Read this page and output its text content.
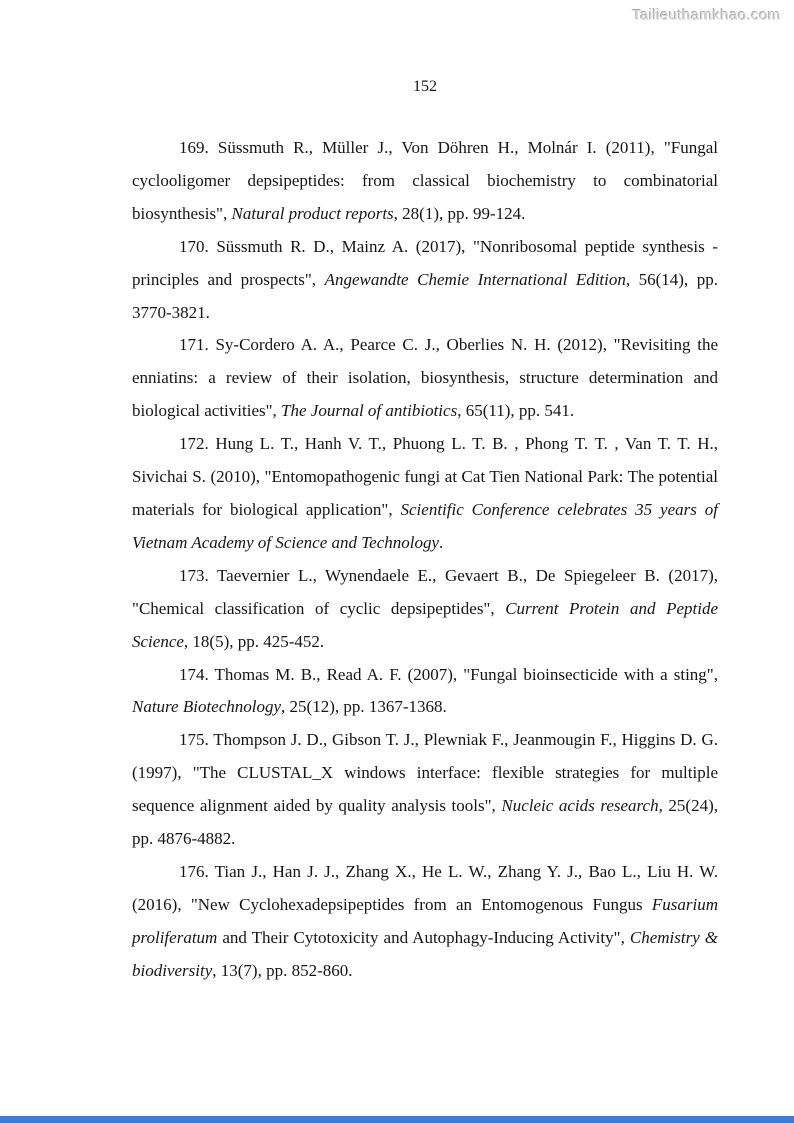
Tailieuthamkhao.com
152

169. Süssmuth R., Müller J., Von Döhren H., Molnár I. (2011), "Fungal cyclooligomer depsipeptides: from classical biochemistry to combinatorial biosynthesis", Natural product reports, 28(1), pp. 99-124.

170. Süssmuth R. D., Mainz A. (2017), "Nonribosomal peptide synthesis - principles and prospects", Angewandte Chemie International Edition, 56(14), pp. 3770-3821.

171. Sy-Cordero A. A., Pearce C. J., Oberlies N. H. (2012), "Revisiting the enniatins: a review of their isolation, biosynthesis, structure determination and biological activities", The Journal of antibiotics, 65(11), pp. 541.

172. Hung L. T., Hanh V. T., Phuong L. T. B. , Phong T. T. , Van T. T. H., Sivichai S. (2010), "Entomopathogenic fungi at Cat Tien National Park: The potential materials for biological application", Scientific Conference celebrates 35 years of Vietnam Academy of Science and Technology.

173. Taevernier L., Wynendaele E., Gevaert B., De Spiegeleer B. (2017), "Chemical classification of cyclic depsipeptides", Current Protein and Peptide Science, 18(5), pp. 425-452.

174. Thomas M. B., Read A. F. (2007), "Fungal bioinsecticide with a sting", Nature Biotechnology, 25(12), pp. 1367-1368.

175. Thompson J. D., Gibson T. J., Plewniak F., Jeanmougin F., Higgins D. G. (1997), "The CLUSTAL_X windows interface: flexible strategies for multiple sequence alignment aided by quality analysis tools", Nucleic acids research, 25(24), pp. 4876-4882.

176. Tian J., Han J. J., Zhang X., He L. W., Zhang Y. J., Bao L., Liu H. W. (2016), "New Cyclohexadepsipeptides from an Entomogenous Fungus Fusarium proliferatum and Their Cytotoxicity and Autophagy-Inducing Activity", Chemistry & biodiversity, 13(7), pp. 852-860.
